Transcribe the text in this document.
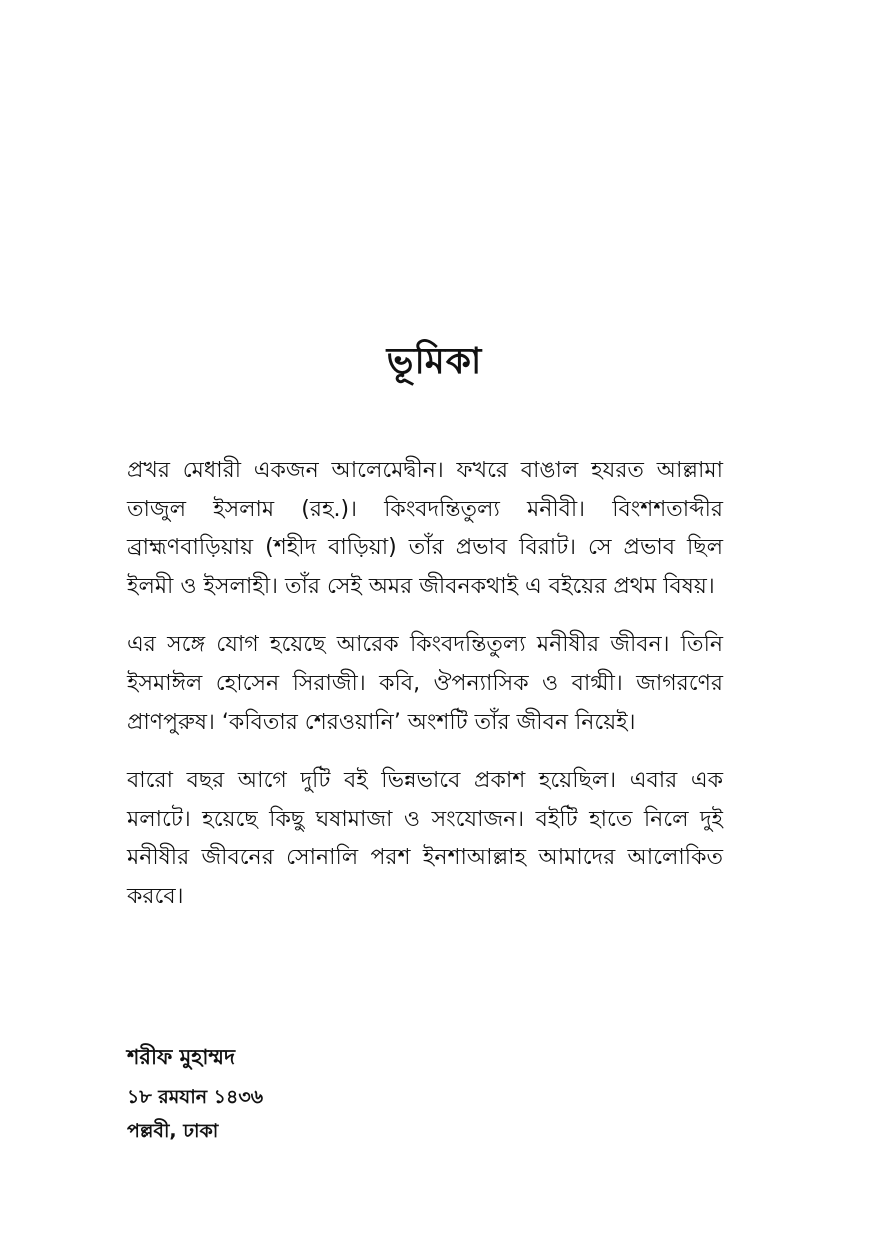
ভূমিকা

প্রখর মেধারী একজন আলেমেদ্বীন। ফখরে বাঙাল হযরত আল্লামা তাজুল ইসলাম (রহ.)। কিংবদন্তিতুল্য মনীবী। বিংশশতাব্দীর ব্রাহ্মণবাড়িয়ায় (শহীদ বাড়িয়া) তাঁর প্রভাব বিরাট। সে প্রভাব ছিল ইলমী ও ইসলাহী। তাঁর সেই অমর জীবনকথাই এ বইয়ের প্রথম বিষয়।

এর সঙ্গে যোগ হয়েছে আরেক কিংবদন্তিতুল্য মনীষীর জীবন। তিনি ইসমাঈল হোসেন সিরাজী। কবি, ঔপন্যাসিক ও বাগ্মী। জাগরণের প্রাণপুরুষ। ‘কবিতার শেরওয়ানি’ অংশটি তাঁর জীবন নিয়েই।

বারো বছর আগে দুটি বই ভিন্নভাবে প্রকাশ হয়েছিল। এবার এক মলাটে। হয়েছে কিছু ঘষামাজা ও সংযোজন। বইটি হাতে নিলে দুই মনীষীর জীবনের সোনালি পরশ ইনশাআল্লাহ আমাদের আলোকিত করবে।

শরীফ মুহাম্মদ

১৮ রমযান ১৪৩৬

পল্লবী, ঢাকা
